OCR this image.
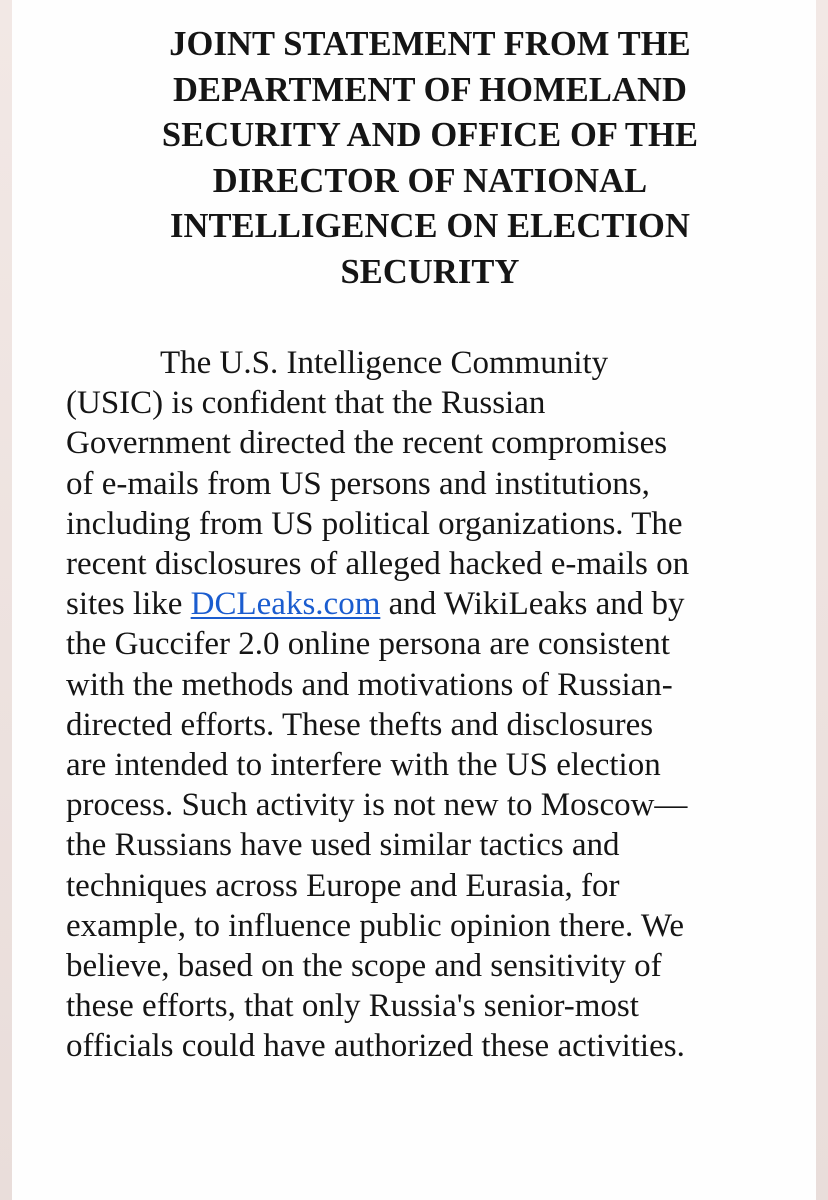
JOINT STATEMENT FROM THE
DEPARTMENT OF HOMELAND
SECURITY AND OFFICE OF THE
DIRECTOR OF NATIONAL
INTELLIGENCE ON ELECTION
SECURITY

The U.S. Intelligence Community
(USIC) is confident that the Russian
Government directed the recent compromises
of e-mails from US persons and institutions,
including from US political organizations. The
recent disclosures of alleged hacked e-mails on
sites like DCLeaks.com and WikiLeaks and by
the Guccifer 2.0 online persona are consistent
with the methods and motivations of Russian-
directed efforts. These thefts and disclosures
are intended to interfere with the US election
process. Such activity is not new to Moscow—
the Russians have used similar tactics and
techniques across Europe and Eurasia, for
example, to influence public opinion there. We
believe, based on the scope and sensitivity of
these efforts, that only Russia's senior-most
officials could have authorized these activities.
